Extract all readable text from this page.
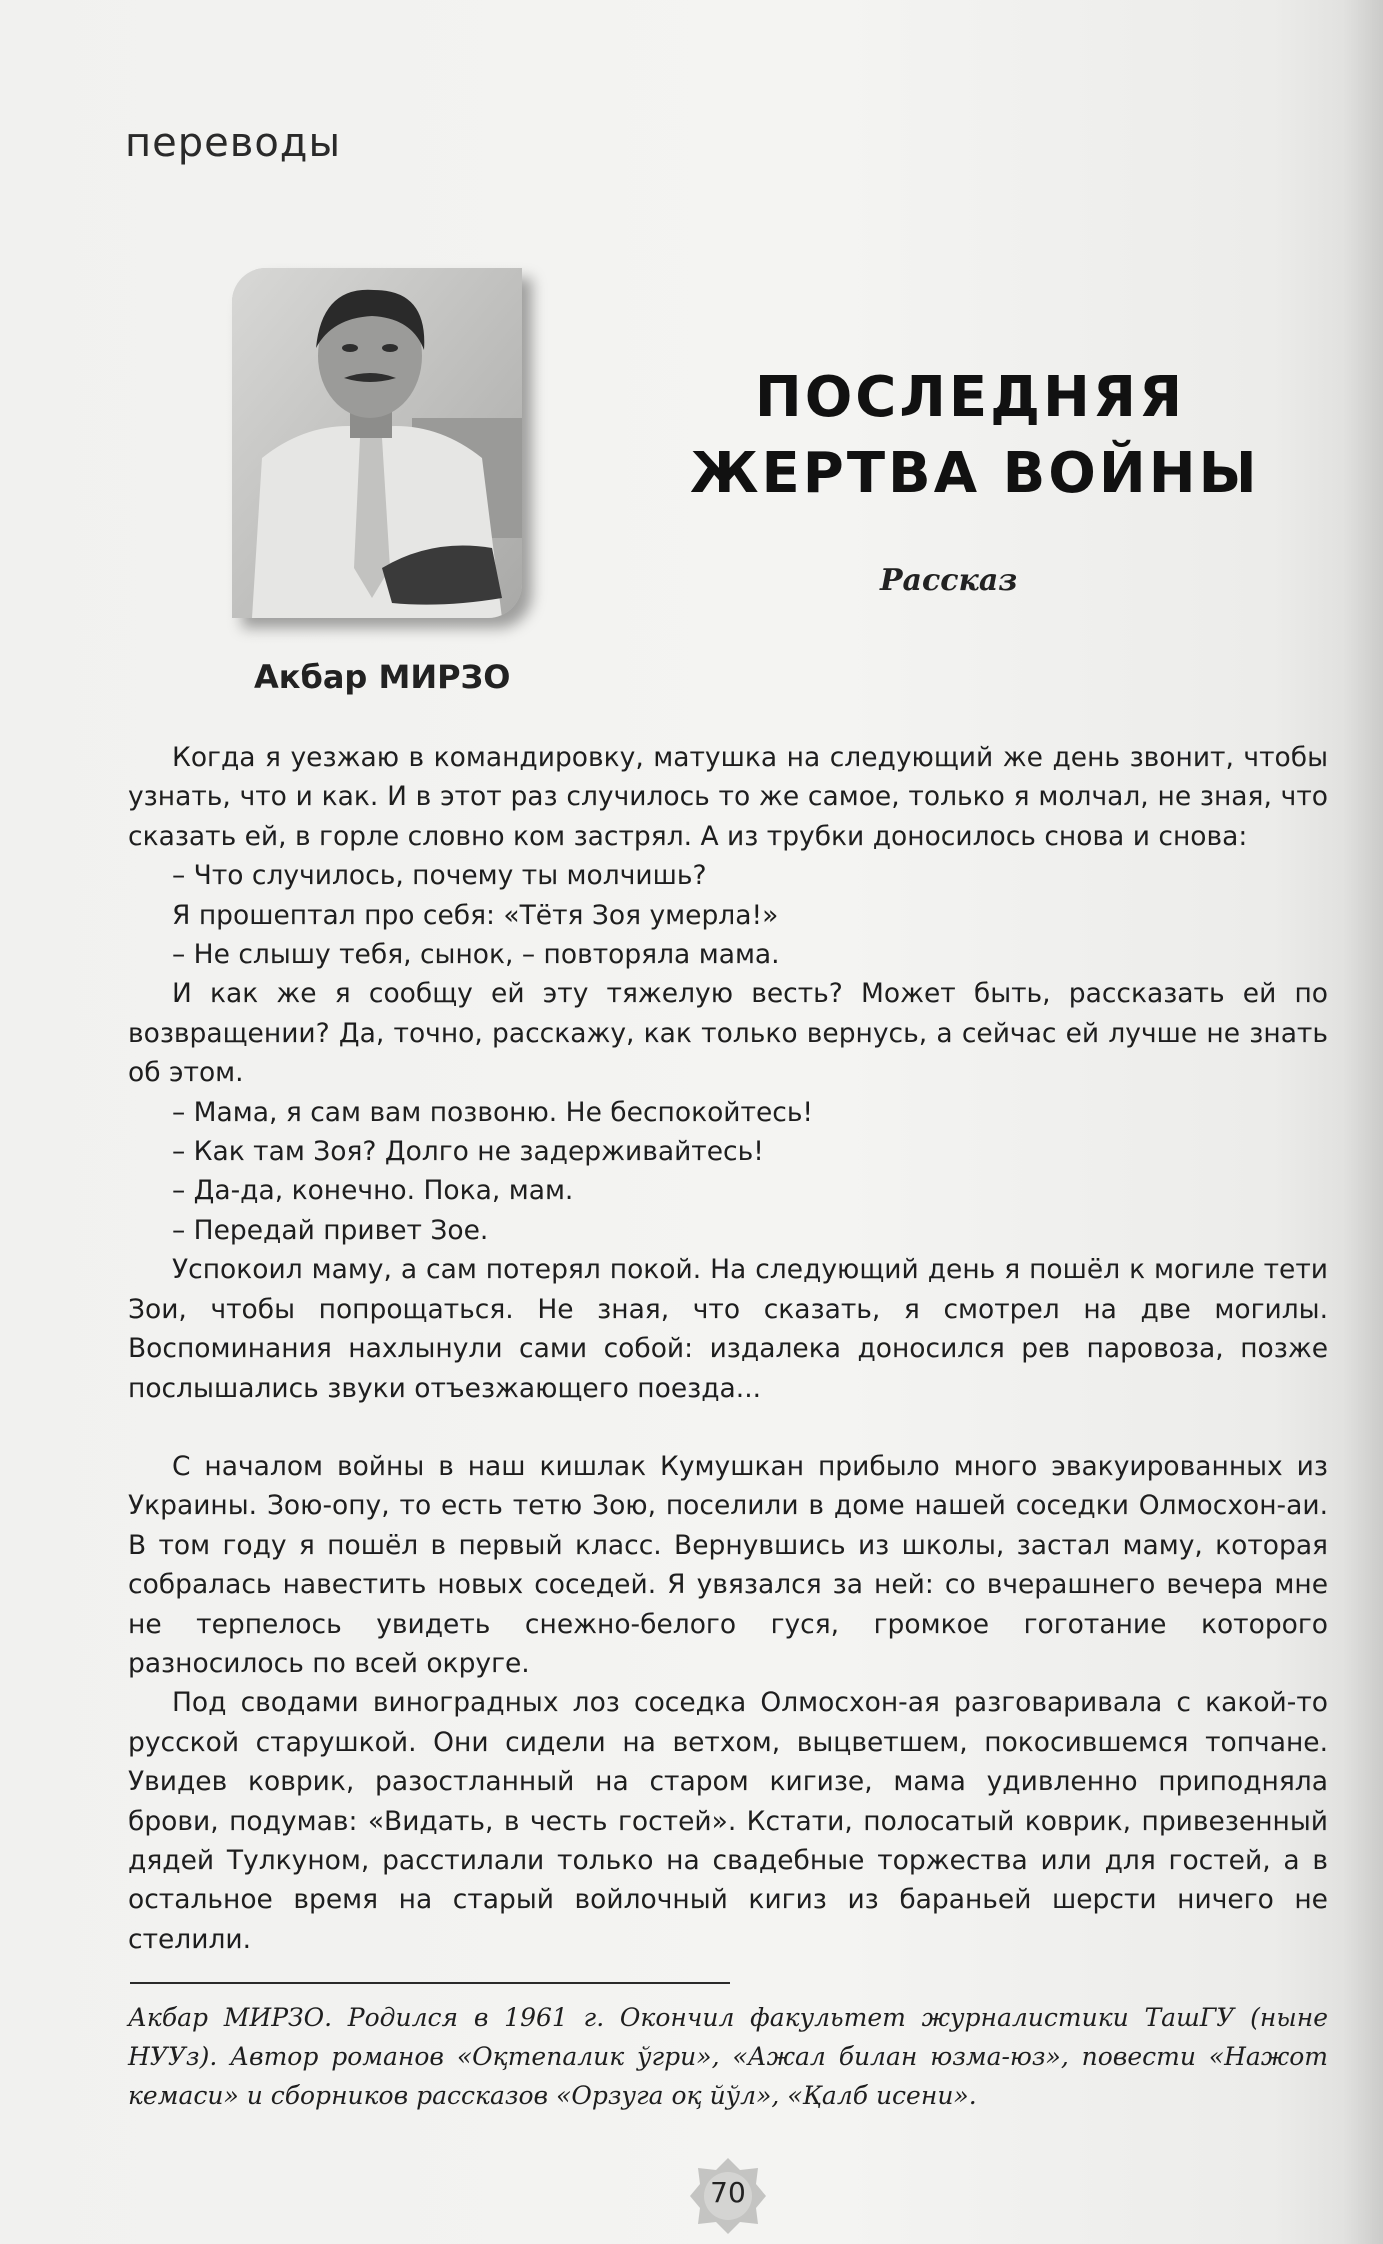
переводы
Акбар МИРЗО
ПОСЛЕДНЯЯ
ЖЕРТВА ВОЙНЫ
Рассказ

Когда я уезжаю в командировку, матушка на следующий же день звонит, чтобы узнать, что и как. И в этот раз случилось то же самое, только я молчал, не зная, что сказать ей, в горле словно ком застрял. А из трубки доносилось снова и снова:

– Что случилось, почему ты молчишь?

Я прошептал про себя: «Тётя Зоя умерла!»

– Не слышу тебя, сынок, – повторяла мама.

И как же я сообщу ей эту тяжелую весть? Может быть, рассказать ей по возвращении? Да, точно, расскажу, как только вернусь, а сейчас ей лучше не знать об этом.

– Мама, я сам вам позвоню. Не беспокойтесь!

– Как там Зоя? Долго не задерживайтесь!

– Да-да, конечно. Пока, мам.

– Передай привет Зое.

Успокоил маму, а сам потерял покой. На следующий день я пошёл к могиле тети Зои, чтобы попрощаться. Не зная, что сказать, я смотрел на две могилы. Воспоминания нахлынули сами собой: издалека доносился рев паровоза, позже послышались звуки отъезжающего поезда...

С началом войны в наш кишлак Кумушкан прибыло много эвакуированных из Украины. Зою-опу, то есть тетю Зою, поселили в доме нашей соседки Олмосхон-аи. В том году я пошёл в первый класс. Вернувшись из школы, застал маму, которая собралась навестить новых соседей. Я увязался за ней: со вчерашнего вечера мне не терпелось увидеть снежно-белого гуся, громкое гоготание которого разносилось по всей округе.

Под сводами виноградных лоз соседка Олмосхон-ая разговаривала с какой-то русской старушкой. Они сидели на ветхом, выцветшем, покосившемся топчане. Увидев коврик, разостланный на старом кигизе, мама удивленно приподняла брови, подумав: «Видать, в честь гостей». Кстати, полосатый коврик, привезенный дядей Тулкуном, расстилали только на свадебные торжества или для гостей, а в остальное время на старый войлочный кигиз из бараньей шерсти ничего не стелили.

Акбар МИРЗО. Родился в 1961 г. Окончил факультет журналистики ТашГУ (ныне НУУз). Автор романов «Оқтепалик ўгри», «Ажал билан юзма-юз», повести «Нажот кемаси» и сборников рассказов «Орзуга оқ йўл», «Қалб исени».
70
